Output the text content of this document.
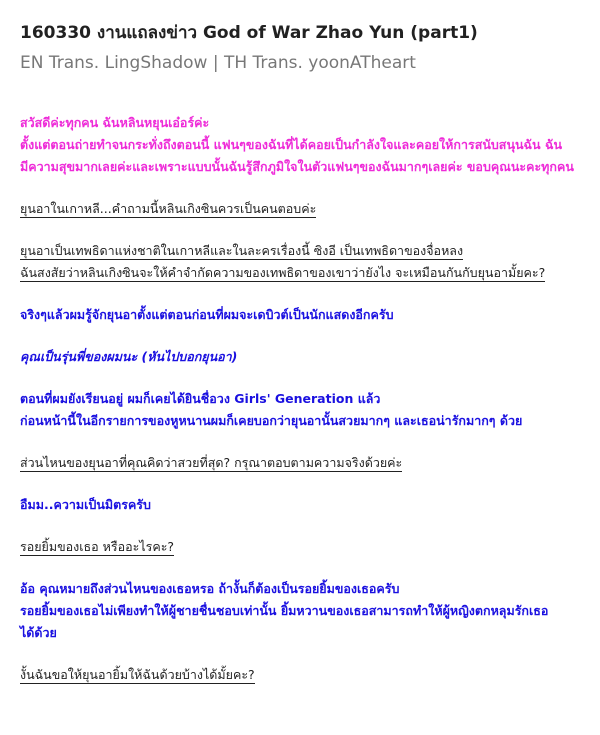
160330 งานแถลงข่าว God of War Zhao Yun (part1)
EN Trans. LingShadow | TH Trans. yoonATheart
สวัสดีค่ะทุกคน ฉันหลินหยุนเอ๋อร์ค่ะ
ตั้งแต่ตอนถ่ายทำจนกระทั่งถึงตอนนี้ แฟนๆของฉันที่ได้คอยเป็นกำลังใจและคอยให้การสนับสนุนฉัน ฉัน
มีความสุขมากเลยค่ะและเพราะแบบนั้นฉันรู้สึกภูมิใจในตัวแฟนๆของฉันมากๆเลยค่ะ ขอบคุณนะคะทุกคน
ยุนอาในเกาหลี...คำถามนี้หลินเกิงซินควรเป็นคนตอบค่ะ
ยุนอาเป็นเทพธิดาแห่งชาติในเกาหลีและในละครเรื่องนี้ ซิงอี เป็นเทพธิดาของจื่อหลง
ฉันสงสัยว่าหลินเกิงซินจะให้คำจำกัดความของเทพธิดาของเขาว่ายังไง จะเหมือนกันกับยุนอามั้ยคะ?
จริงๆแล้วผมรู้จักยุนอาตั้งแต่ตอนก่อนที่ผมจะเดบิวต์เป็นนักแสดงอีกครับ
คุณเป็นรุ่นพี่ของผมนะ (หันไปบอกยุนอา)
ตอนที่ผมยังเรียนอยู่ ผมก็เคยได้ยินชื่อวง Girls' Generation แล้ว
ก่อนหน้านี้ในอีกรายการของหูหนานผมก็เคยบอกว่ายุนอานั้นสวยมากๆ และเธอน่ารักมากๆ ด้วย
ส่วนไหนของยุนอาที่คุณคิดว่าสวยที่สุด? กรุณาตอบตามความจริงด้วยค่ะ
อืมม..ความเป็นมิตรครับ
รอยยิ้มของเธอ หรืออะไรคะ?
อ้อ คุณหมายถึงส่วนไหนของเธอหรอ ถ้างั้นก็ต้องเป็นรอยยิ้มของเธอครับ
รอยยิ้มของเธอไม่เพียงทำให้ผู้ชายชื่นชอบเท่านั้น ยิ้มหวานของเธอสามารถทำให้ผู้หญิงตกหลุมรักเธอ
ได้ด้วย
งั้นฉันขอให้ยุนอายิ้มให้ฉันด้วยบ้างได้มั้ยคะ?
